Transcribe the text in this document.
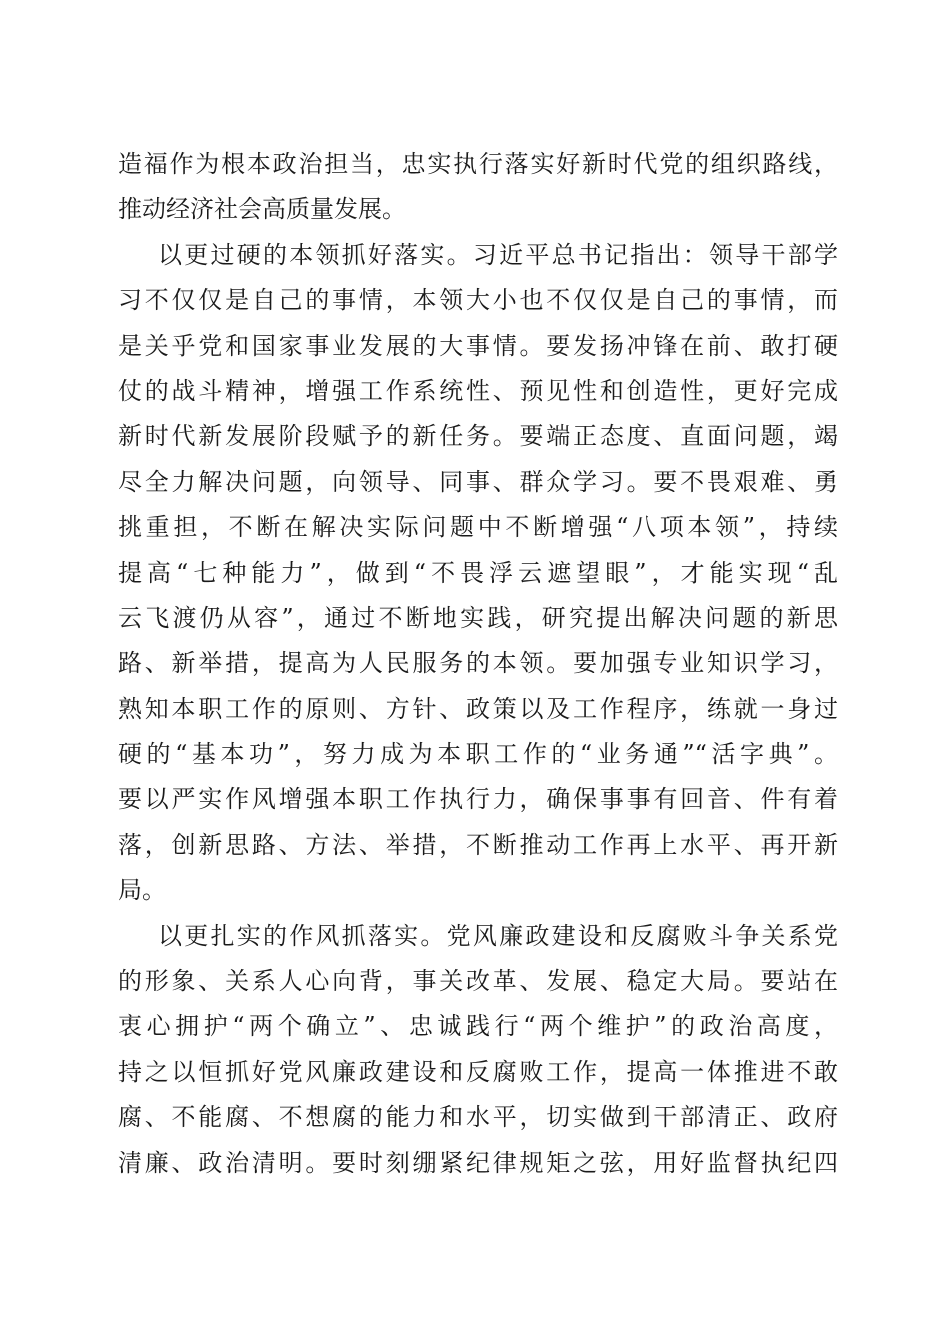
造福作为根本政治担当，忠实执行落实好新时代党的组织路线，
推动经济社会高质量发展。
以更过硬的本领抓好落实。习近平总书记指出：领导干部学
习不仅仅是自己的事情，本领大小也不仅仅是自己的事情，而
是关乎党和国家事业发展的大事情。要发扬冲锋在前、敢打硬
仗的战斗精神，增强工作系统性、预见性和创造性，更好完成
新时代新发展阶段赋予的新任务。要端正态度、直面问题，竭
尽全力解决问题，向领导、同事、群众学习。要不畏艰难、勇
挑重担，不断在解决实际问题中不断增强“八项本领”，持续
提高“七种能力”，做到“不畏浮云遮望眼”，才能实现“乱
云飞渡仍从容”，通过不断地实践，研究提出解决问题的新思
路、新举措，提高为人民服务的本领。要加强专业知识学习，
熟知本职工作的原则、方针、政策以及工作程序，练就一身过
硬的“基本功”，努力成为本职工作的“业务通”“活字典”。
要以严实作风增强本职工作执行力，确保事事有回音、件有着
落，创新思路、方法、举措，不断推动工作再上水平、再开新
局。
以更扎实的作风抓落实。党风廉政建设和反腐败斗争关系党
的形象、关系人心向背，事关改革、发展、稳定大局。要站在
衷心拥护“两个确立”、忠诚践行“两个维护”的政治高度，
持之以恒抓好党风廉政建设和反腐败工作，提高一体推进不敢
腐、不能腐、不想腐的能力和水平，切实做到干部清正、政府
清廉、政治清明。要时刻绷紧纪律规矩之弦，用好监督执纪四
